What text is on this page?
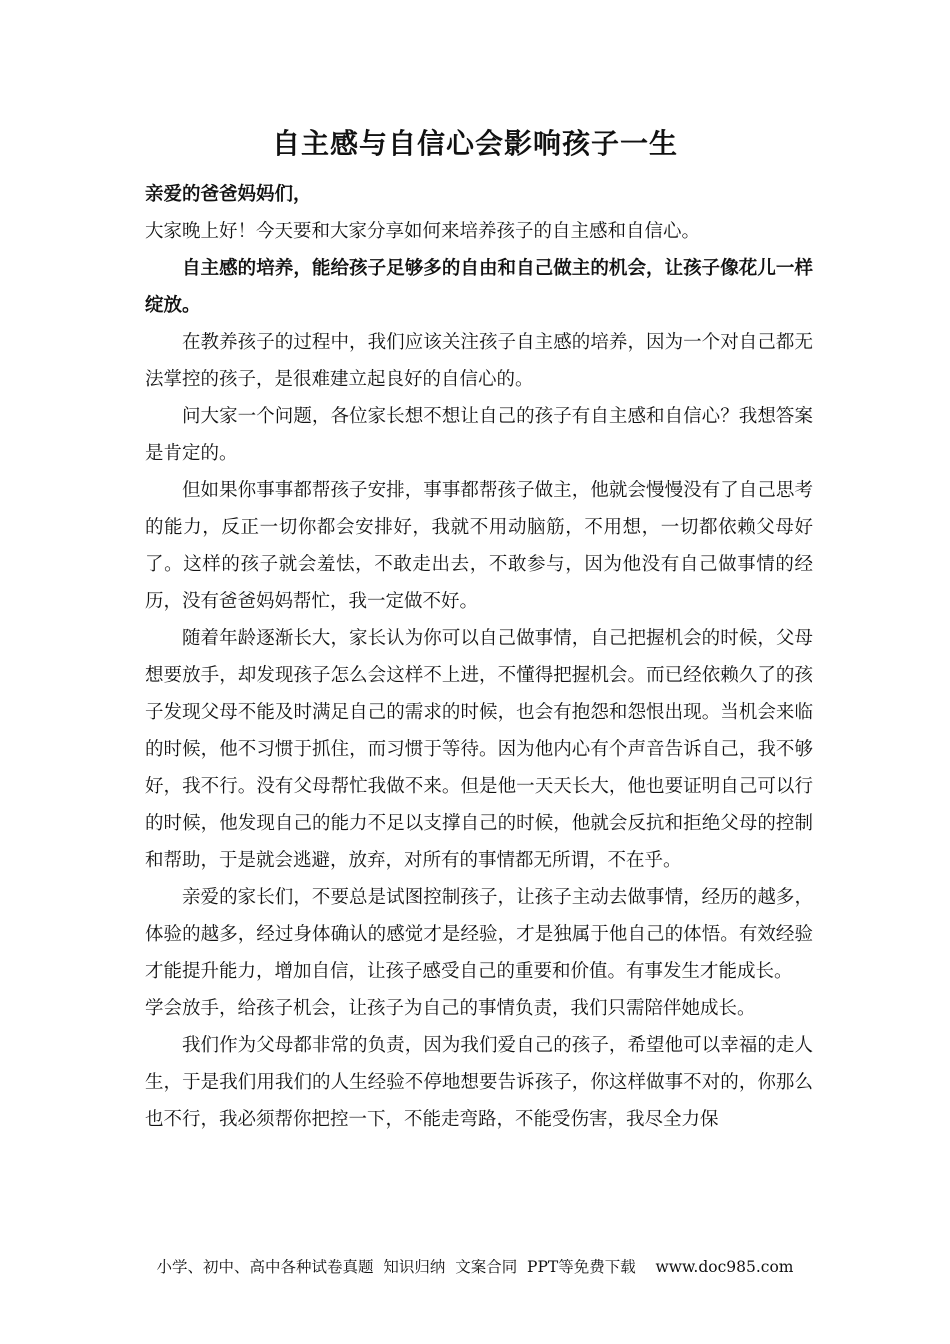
自主感与自信心会影响孩子一生

亲爱的爸爸妈妈们，

大家晚上好！今天要和大家分享如何来培养孩子的自主感和自信心。

自主感的培养，能给孩子足够多的自由和自己做主的机会，让孩子像花儿一样绽放。

在教养孩子的过程中，我们应该关注孩子自主感的培养，因为一个对自己都无法掌控的孩子，是很难建立起良好的自信心的。

问大家一个问题，各位家长想不想让自己的孩子有自主感和自信心？我想答案是肯定的。

但如果你事事都帮孩子安排，事事都帮孩子做主，他就会慢慢没有了自己思考的能力，反正一切你都会安排好，我就不用动脑筋，不用想，一切都依赖父母好了。这样的孩子就会羞怯，不敢走出去，不敢参与，因为他没有自己做事情的经历，没有爸爸妈妈帮忙，我一定做不好。

随着年龄逐渐长大，家长认为你可以自己做事情，自己把握机会的时候，父母想要放手，却发现孩子怎么会这样不上进，不懂得把握机会。而已经依赖久了的孩子发现父母不能及时满足自己的需求的时候，也会有抱怨和怨恨出现。当机会来临的时候，他不习惯于抓住，而习惯于等待。因为他内心有个声音告诉自己，我不够好，我不行。没有父母帮忙我做不来。但是他一天天长大，他也要证明自己可以行的时候，他发现自己的能力不足以支撑自己的时候，他就会反抗和拒绝父母的控制和帮助，于是就会逃避，放弃，对所有的事情都无所谓，不在乎。

亲爱的家长们，不要总是试图控制孩子，让孩子主动去做事情，经历的越多，体验的越多，经过身体确认的感觉才是经验，才是独属于他自己的体悟。有效经验才能提升能力，增加自信，让孩子感受自己的重要和价值。有事发生才能成长。

学会放手，给孩子机会，让孩子为自己的事情负责，我们只需陪伴她成长。

我们作为父母都非常的负责，因为我们爱自己的孩子，希望他可以幸福的走人生，于是我们用我们的人生经验不停地想要告诉孩子，你这样做事不对的，你那么也不行，我必须帮你把控一下，不能走弯路，不能受伤害，我尽全力保

小学、初中、高中各种试卷真题  知识归纳  文案合同  PPT等免费下载    www.doc985.com
